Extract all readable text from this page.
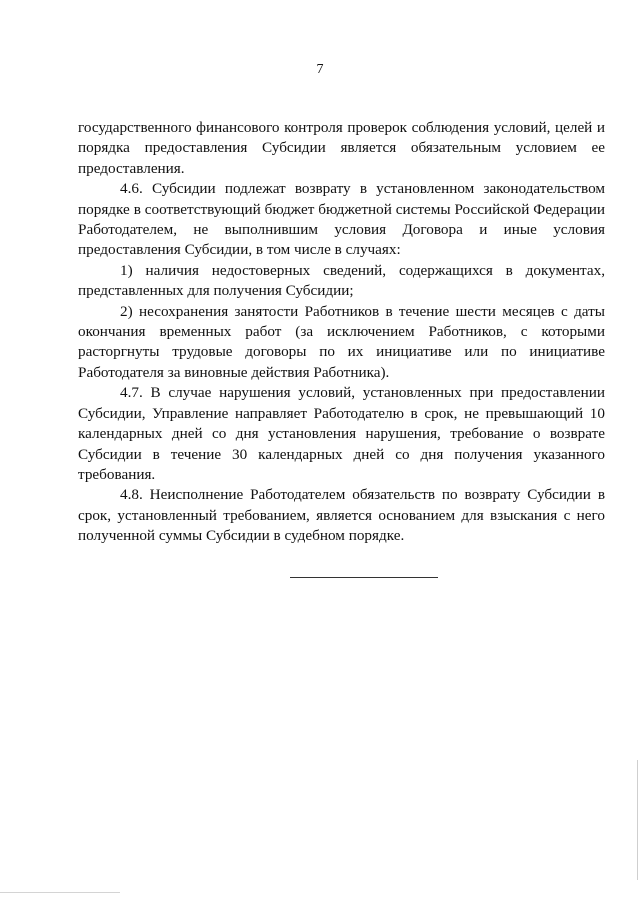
7

государственного финансового контроля проверок соблюдения условий, целей и порядка предоставления Субсидии является обязательным условием ее предоставления.

4.6. Субсидии подлежат возврату в установленном законодательством порядке в соответствующий бюджет бюджетной системы Российской Федерации Работодателем, не выполнившим условия Договора и иные условия предоставления Субсидии, в том числе в случаях:

1) наличия недостоверных сведений, содержащихся в документах, представленных для получения Субсидии;

2) несохранения занятости Работников в течение шести месяцев с даты окончания временных работ (за исключением Работников, с которыми расторгнуты трудовые договоры по их инициативе или по инициативе Работодателя за виновные действия Работника).

4.7. В случае нарушения условий, установленных при предоставлении Субсидии, Управление направляет Работодателю в срок, не превышающий 10 календарных дней со дня установления нарушения, требование о возврате Субсидии в течение 30 календарных дней со дня получения указанного требования.

4.8. Неисполнение Работодателем обязательств по возврату Субсидии в срок, установленный требованием, является основанием для взыскания с него полученной суммы Субсидии в судебном порядке.
